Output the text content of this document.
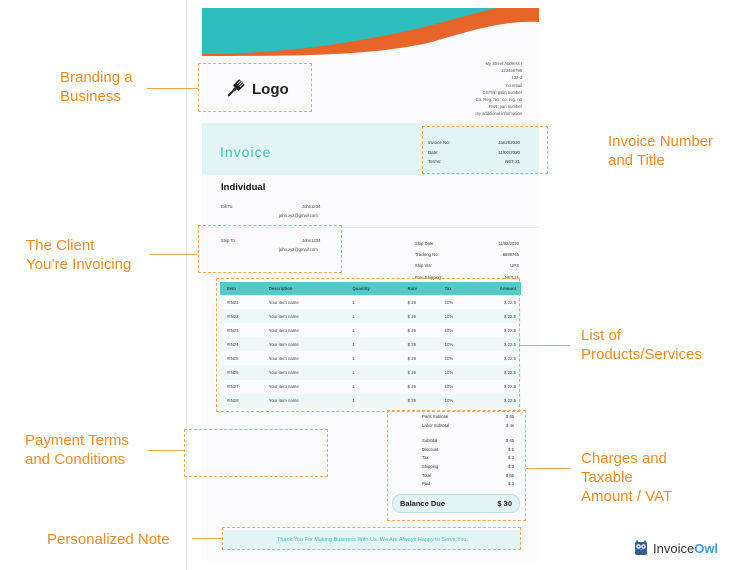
My Street Address I
123456789
123 d
no email
GSTIN: gstin number
Co. Reg. No.: co. reg. no
PAN: pan number
my additional information
Logo
Invoice
Invoice No:	Jan202020
Date:	11/02/2020
Terms:	NET 21
Individual
Bill To:	John1234
john.xyz@gmail.com
Ship To:	John1234
john.xyz@gmail.com
Ship Date:	11/02/2020
Tracking No:	6689765
Ship Via:	UPS
Free Shipping:	NET 21
Item	Description	Quantity	Rate	Tax	Amount
#IN21	Your item name	1	$ 25	10%	$ 22.5
#IN22	Your item name	1	$ 25	10%	$ 22.5
#IN23	Your item name	1	$ 25	10%	$ 22.5
#IN24	Your item name	1	$ 25	10%	$ 22.5
#IN25	Your item name	1	$ 25	10%	$ 22.5
#IN26	Your item name	1	$ 25	10%	$ 22.5
#IN27	Your item name	1	$ 25	10%	$ 22.5
#IN28	Your item name	1	$ 25	10%	$ 22.5
Parts Subtotal	$ 45
Labor Subtotal	$ 4s
Subtotal	$ 45
Discount	$ 5
Tax	$ 3
Shipping	$ 3
Total	$ 55
Paid	$ 3
Balance Due	$ 30
Thank You For Making Business With Us. We Are Always Happy to Serve You.
Branding a
Business
Invoice Number
and Title
The Client
You’re Invoicing
List of
Products/Services
Payment Terms
and Conditions	Charges and
Taxable
Amount / VAT
Personalized Note	InvoiceOwl
